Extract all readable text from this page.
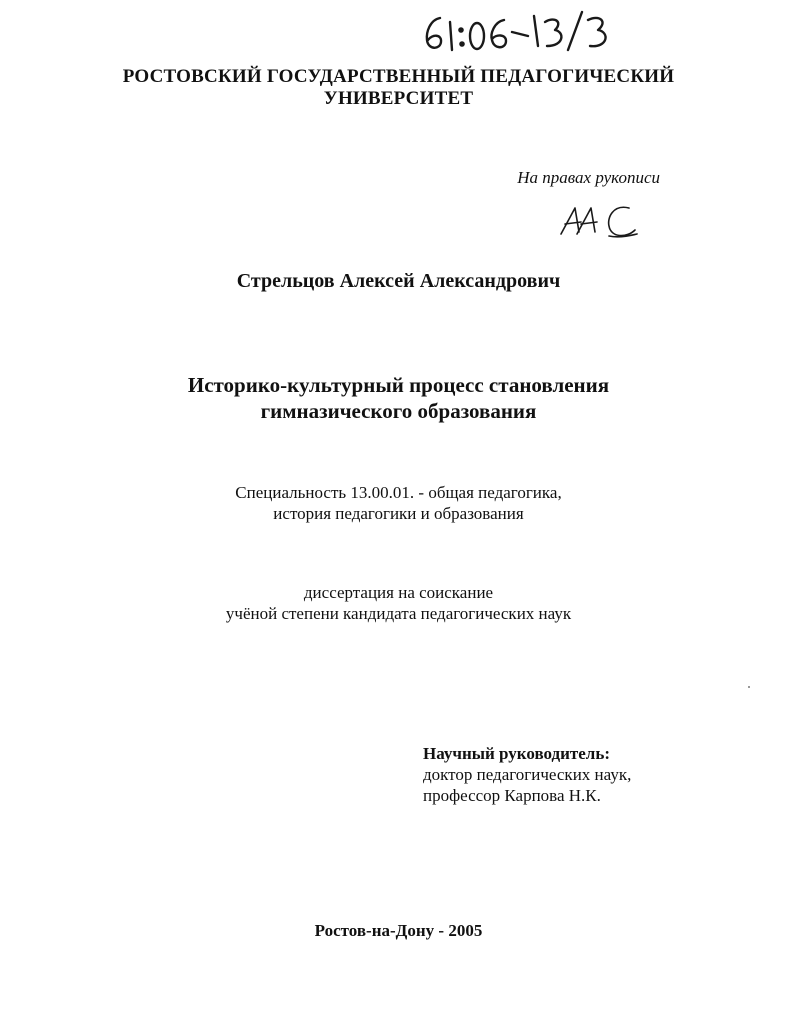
РОСТОВСКИЙ ГОСУДАРСТВЕННЫЙ ПЕДАГОГИЧЕСКИЙ
УНИВЕРСИТЕТ
На правах рукописи
Стрельцов Алексей Александрович
Историко-культурный процесс становления
гимназического образования
Специальность 13.00.01. - общая педагогика,
история педагогики и образования
диссертация на соискание
учёной степени кандидата педагогических наук
Научный руководитель:
доктор педагогических наук,
профессор Карпова Н.К.
Ростов-на-Дону - 2005
